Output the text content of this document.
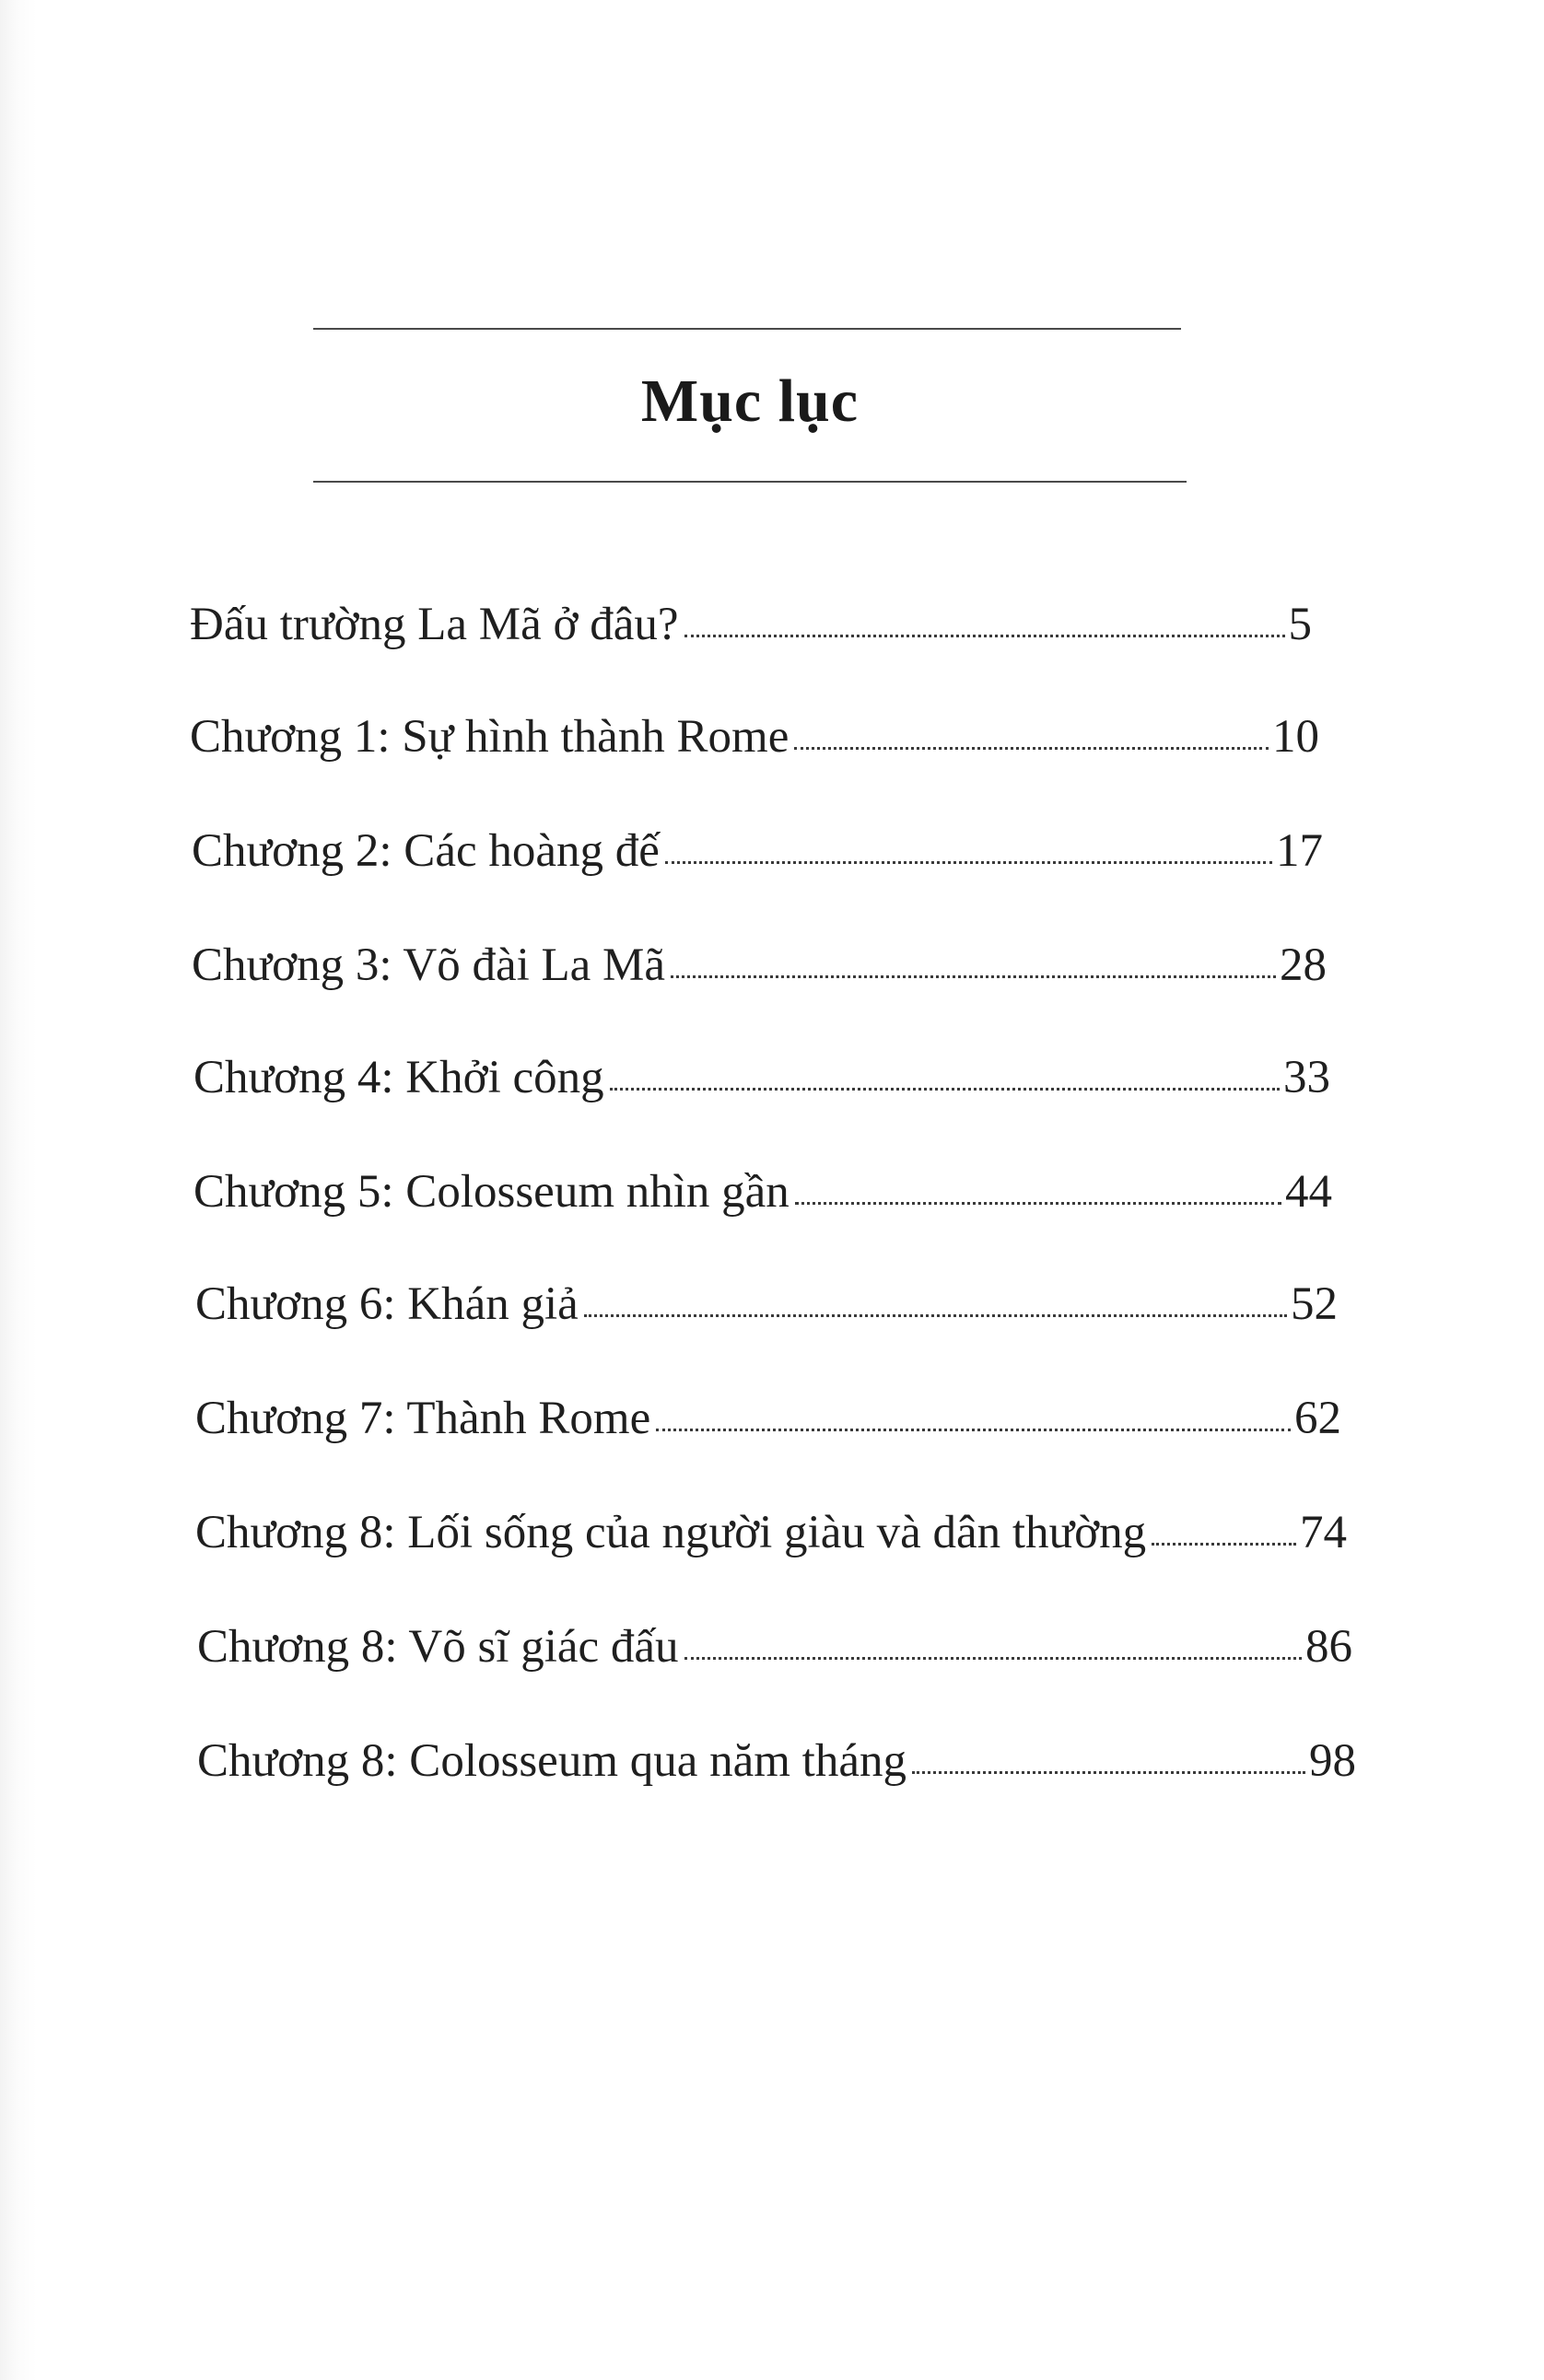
Mục lục
Đấu trường La Mã ở đâu?	5
Chương 1: Sự hình thành Rome	10
Chương 2: Các hoàng đế	17
Chương 3: Võ đài La Mã	28
Chương 4: Khởi công	33
Chương 5: Colosseum nhìn gần	44
Chương 6: Khán giả	52
Chương 7: Thành Rome	62
Chương 8: Lối sống của người giàu và dân thường	74
Chương 8: Võ sĩ giác đấu	86
Chương 8: Colosseum qua năm tháng	98
